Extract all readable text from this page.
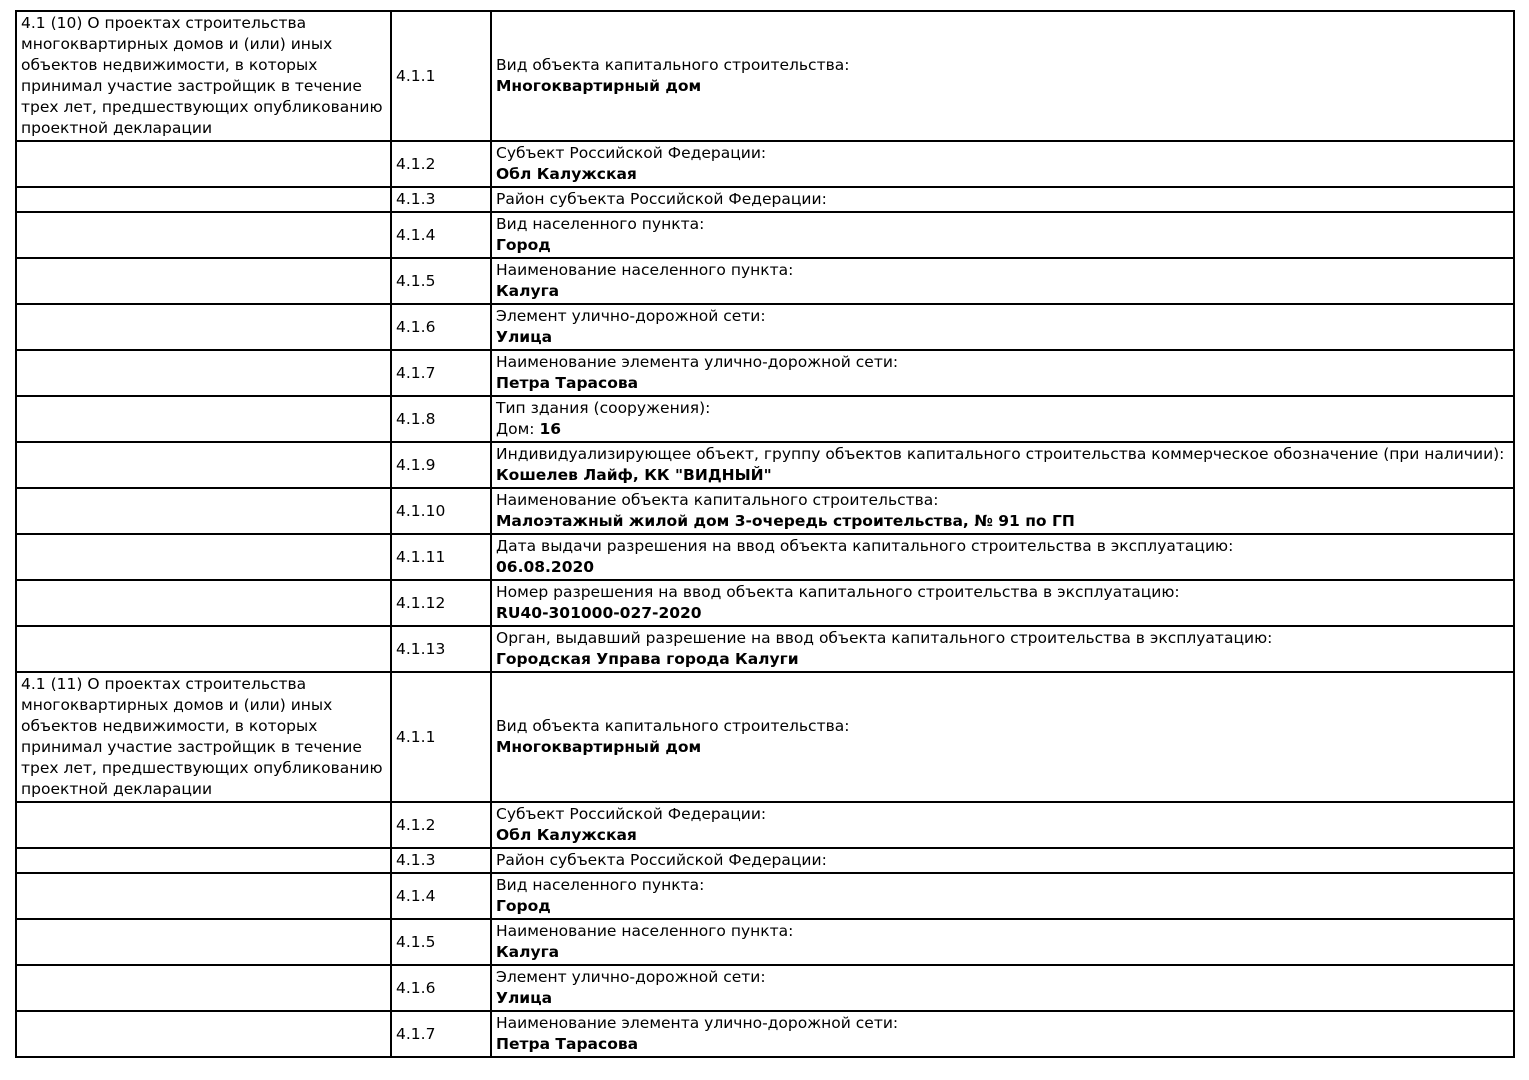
4.1 (10) О проектах строительства многоквартирных домов и (или) иных объектов недвижимости, в которых принимал участие застройщик в течение трех лет, предшествующих опубликованию проектной декларации	4.1.1	Вид объекта капитального строительства:
Многоквартирный дом

	4.1.2	Субъект Российской Федерации:
Обл Калужская

	4.1.3	Район субъекта Российской Федерации:

	4.1.4	Вид населенного пункта:
Город

	4.1.5	Наименование населенного пункта:
Калуга

	4.1.6	Элемент улично-дорожной сети:
Улица

	4.1.7	Наименование элемента улично-дорожной сети:
Петра Тарасова

	4.1.8	Тип здания (сооружения):
Дом: 16

	4.1.9	Индивидуализирующее объект, группу объектов капитального строительства коммерческое обозначение (при наличии):
Кошелев Лайф, КК "ВИДНЫЙ"

	4.1.10	Наименование объекта капитального строительства:
Малоэтажный жилой дом 3-очередь строительства, № 91 по ГП

	4.1.11	Дата выдачи разрешения на ввод объекта капитального строительства в эксплуатацию:
06.08.2020

	4.1.12	Номер разрешения на ввод объекта капитального строительства в эксплуатацию:
RU40-301000-027-2020

	4.1.13	Орган, выдавший разрешение на ввод объекта капитального строительства в эксплуатацию:
Городская Управа города Калуги

4.1 (11) О проектах строительства многоквартирных домов и (или) иных объектов недвижимости, в которых принимал участие застройщик в течение трех лет, предшествующих опубликованию проектной декларации	4.1.1	Вид объекта капитального строительства:
Многоквартирный дом

	4.1.2	Субъект Российской Федерации:
Обл Калужская

	4.1.3	Район субъекта Российской Федерации:

	4.1.4	Вид населенного пункта:
Город

	4.1.5	Наименование населенного пункта:
Калуга

	4.1.6	Элемент улично-дорожной сети:
Улица

	4.1.7	Наименование элемента улично-дорожной сети:
Петра Тарасова
